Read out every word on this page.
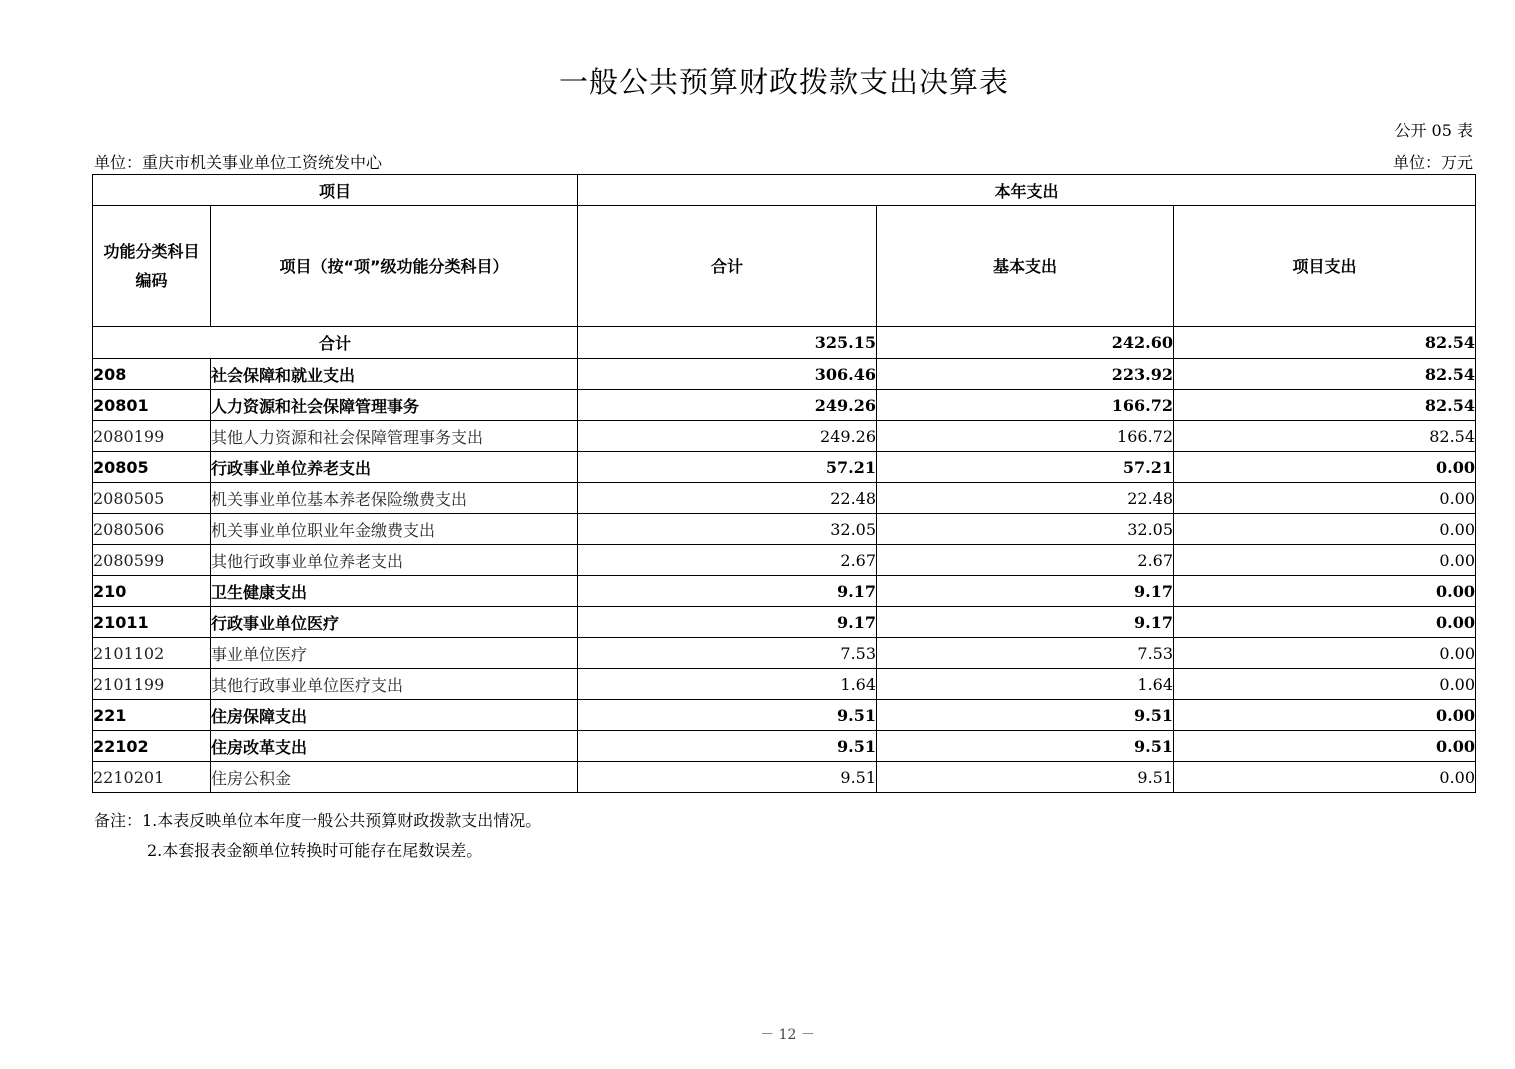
一般公共预算财政拨款支出决算表
公开 05 表
单位：重庆市机关事业单位工资统发中心	单位：万元
项目		本年支出		
功能分类科目编码	项目（按“项”级功能分类科目）	合计	基本支出	项目支出
合计		325.15	242.60	82.54
208	社会保障和就业支出	306.46	223.92	82.54
20801	人力资源和社会保障管理事务	249.26	166.72	82.54
2080199	其他人力资源和社会保障管理事务支出	249.26	166.72	82.54
20805	行政事业单位养老支出	57.21	57.21	0.00
2080505	机关事业单位基本养老保险缴费支出	22.48	22.48	0.00
2080506	机关事业单位职业年金缴费支出	32.05	32.05	0.00
2080599	其他行政事业单位养老支出	2.67	2.67	0.00
210	卫生健康支出	9.17	9.17	0.00
21011	行政事业单位医疗	9.17	9.17	0.00
2101102	事业单位医疗	7.53	7.53	0.00
2101199	其他行政事业单位医疗支出	1.64	1.64	0.00
221	住房保障支出	9.51	9.51	0.00
22102	住房改革支出	9.51	9.51	0.00
2210201	住房公积金	9.51	9.51	0.00
备注：1.本表反映单位本年度一般公共预算财政拨款支出情况。
2.本套报表金额单位转换时可能存在尾数误差。
－ 12 －
